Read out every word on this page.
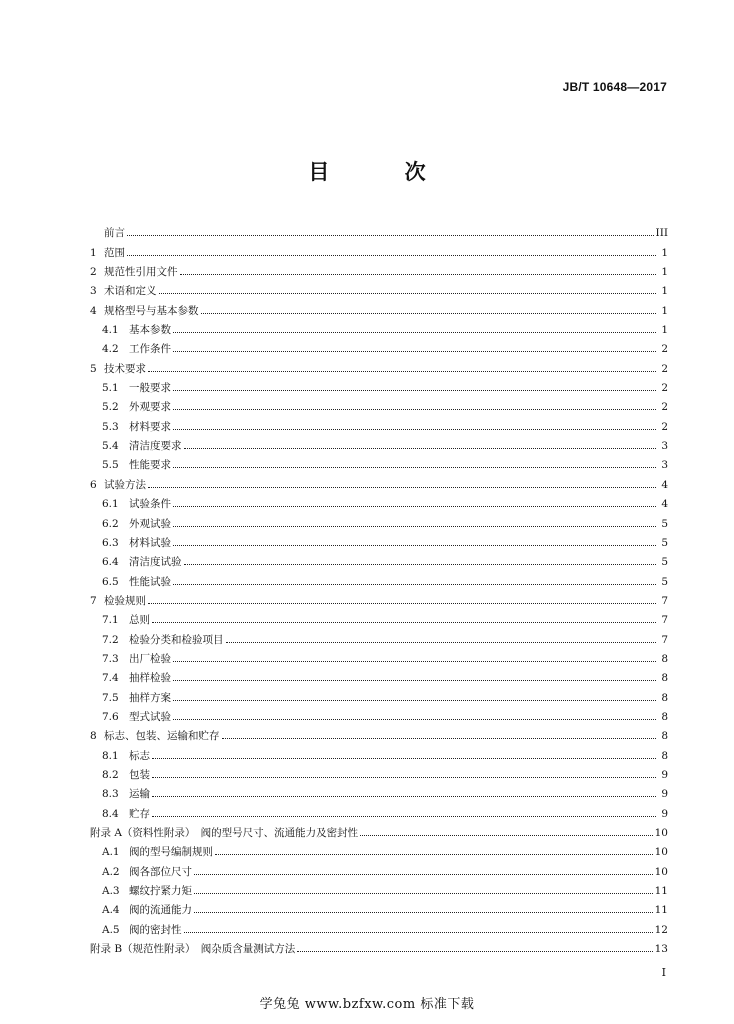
JB/T 10648—2017
目 次
前言	III
1 范围	1
2 规范性引用文件	1
3 术语和定义	1
4 规格型号与基本参数	1
4.1 基本参数	1
4.2 工作条件	2
5 技术要求	2
5.1 一般要求	2
5.2 外观要求	2
5.3 材料要求	2
5.4 清洁度要求	3
5.5 性能要求	3
6 试验方法	4
6.1 试验条件	4
6.2 外观试验	5
6.3 材料试验	5
6.4 清洁度试验	5
6.5 性能试验	5
7 检验规则	7
7.1 总则	7
7.2 检验分类和检验项目	7
7.3 出厂检验	8
7.4 抽样检验	8
7.5 抽样方案	8
7.6 型式试验	8
8 标志、包装、运输和贮存	8
8.1 标志	8
8.2 包装	9
8.3 运输	9
8.4 贮存	9
附录 A（资料性附录）　阀的型号尺寸、流通能力及密封性	10
A.1 阀的型号编制规则	10
A.2 阀各部位尺寸	10
A.3 螺纹拧紧力矩	11
A.4 阀的流通能力	11
A.5 阀的密封性	12
附录 B（规范性附录）　阀杂质含量测试方法	13
I
学兔兔 www.bzfxw.com 标准下载
